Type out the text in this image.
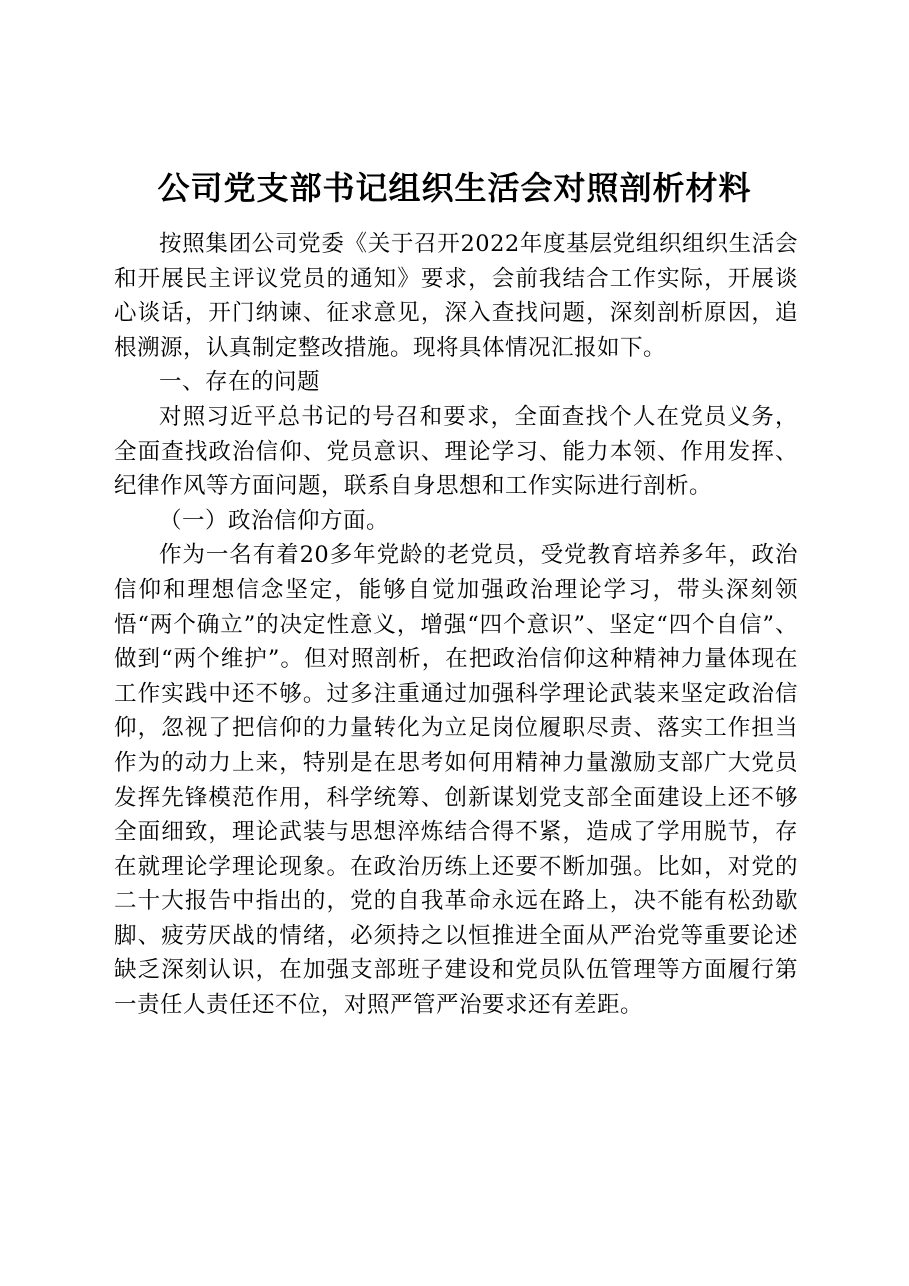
公司党支部书记组织生活会对照剖析材料

按照集团公司党委《关于召开2022年度基层党组织组织生活会和开展民主评议党员的通知》要求，会前我结合工作实际，开展谈心谈话，开门纳谏、征求意见，深入查找问题，深刻剖析原因，追根溯源，认真制定整改措施。现将具体情况汇报如下。

一、存在的问题

对照习近平总书记的号召和要求，全面查找个人在党员义务，全面查找政治信仰、党员意识、理论学习、能力本领、作用发挥、纪律作风等方面问题，联系自身思想和工作实际进行剖析。

（一）政治信仰方面。

作为一名有着20多年党龄的老党员，受党教育培养多年，政治信仰和理想信念坚定，能够自觉加强政治理论学习，带头深刻领悟“两个确立”的决定性意义，增强“四个意识”、坚定“四个自信”、做到“两个维护”。但对照剖析，在把政治信仰这种精神力量体现在工作实践中还不够。过多注重通过加强科学理论武装来坚定政治信仰，忽视了把信仰的力量转化为立足岗位履职尽责、落实工作担当作为的动力上来，特别是在思考如何用精神力量激励支部广大党员发挥先锋模范作用，科学统筹、创新谋划党支部全面建设上还不够全面细致，理论武装与思想淬炼结合得不紧，造成了学用脱节，存在就理论学理论现象。在政治历练上还要不断加强。比如，对党的二十大报告中指出的，党的自我革命永远在路上，决不能有松劲歇脚、疲劳厌战的情绪，必须持之以恒推进全面从严治党等重要论述缺乏深刻认识，在加强支部班子建设和党员队伍管理等方面履行第一责任人责任还不位，对照严管严治要求还有差距。
